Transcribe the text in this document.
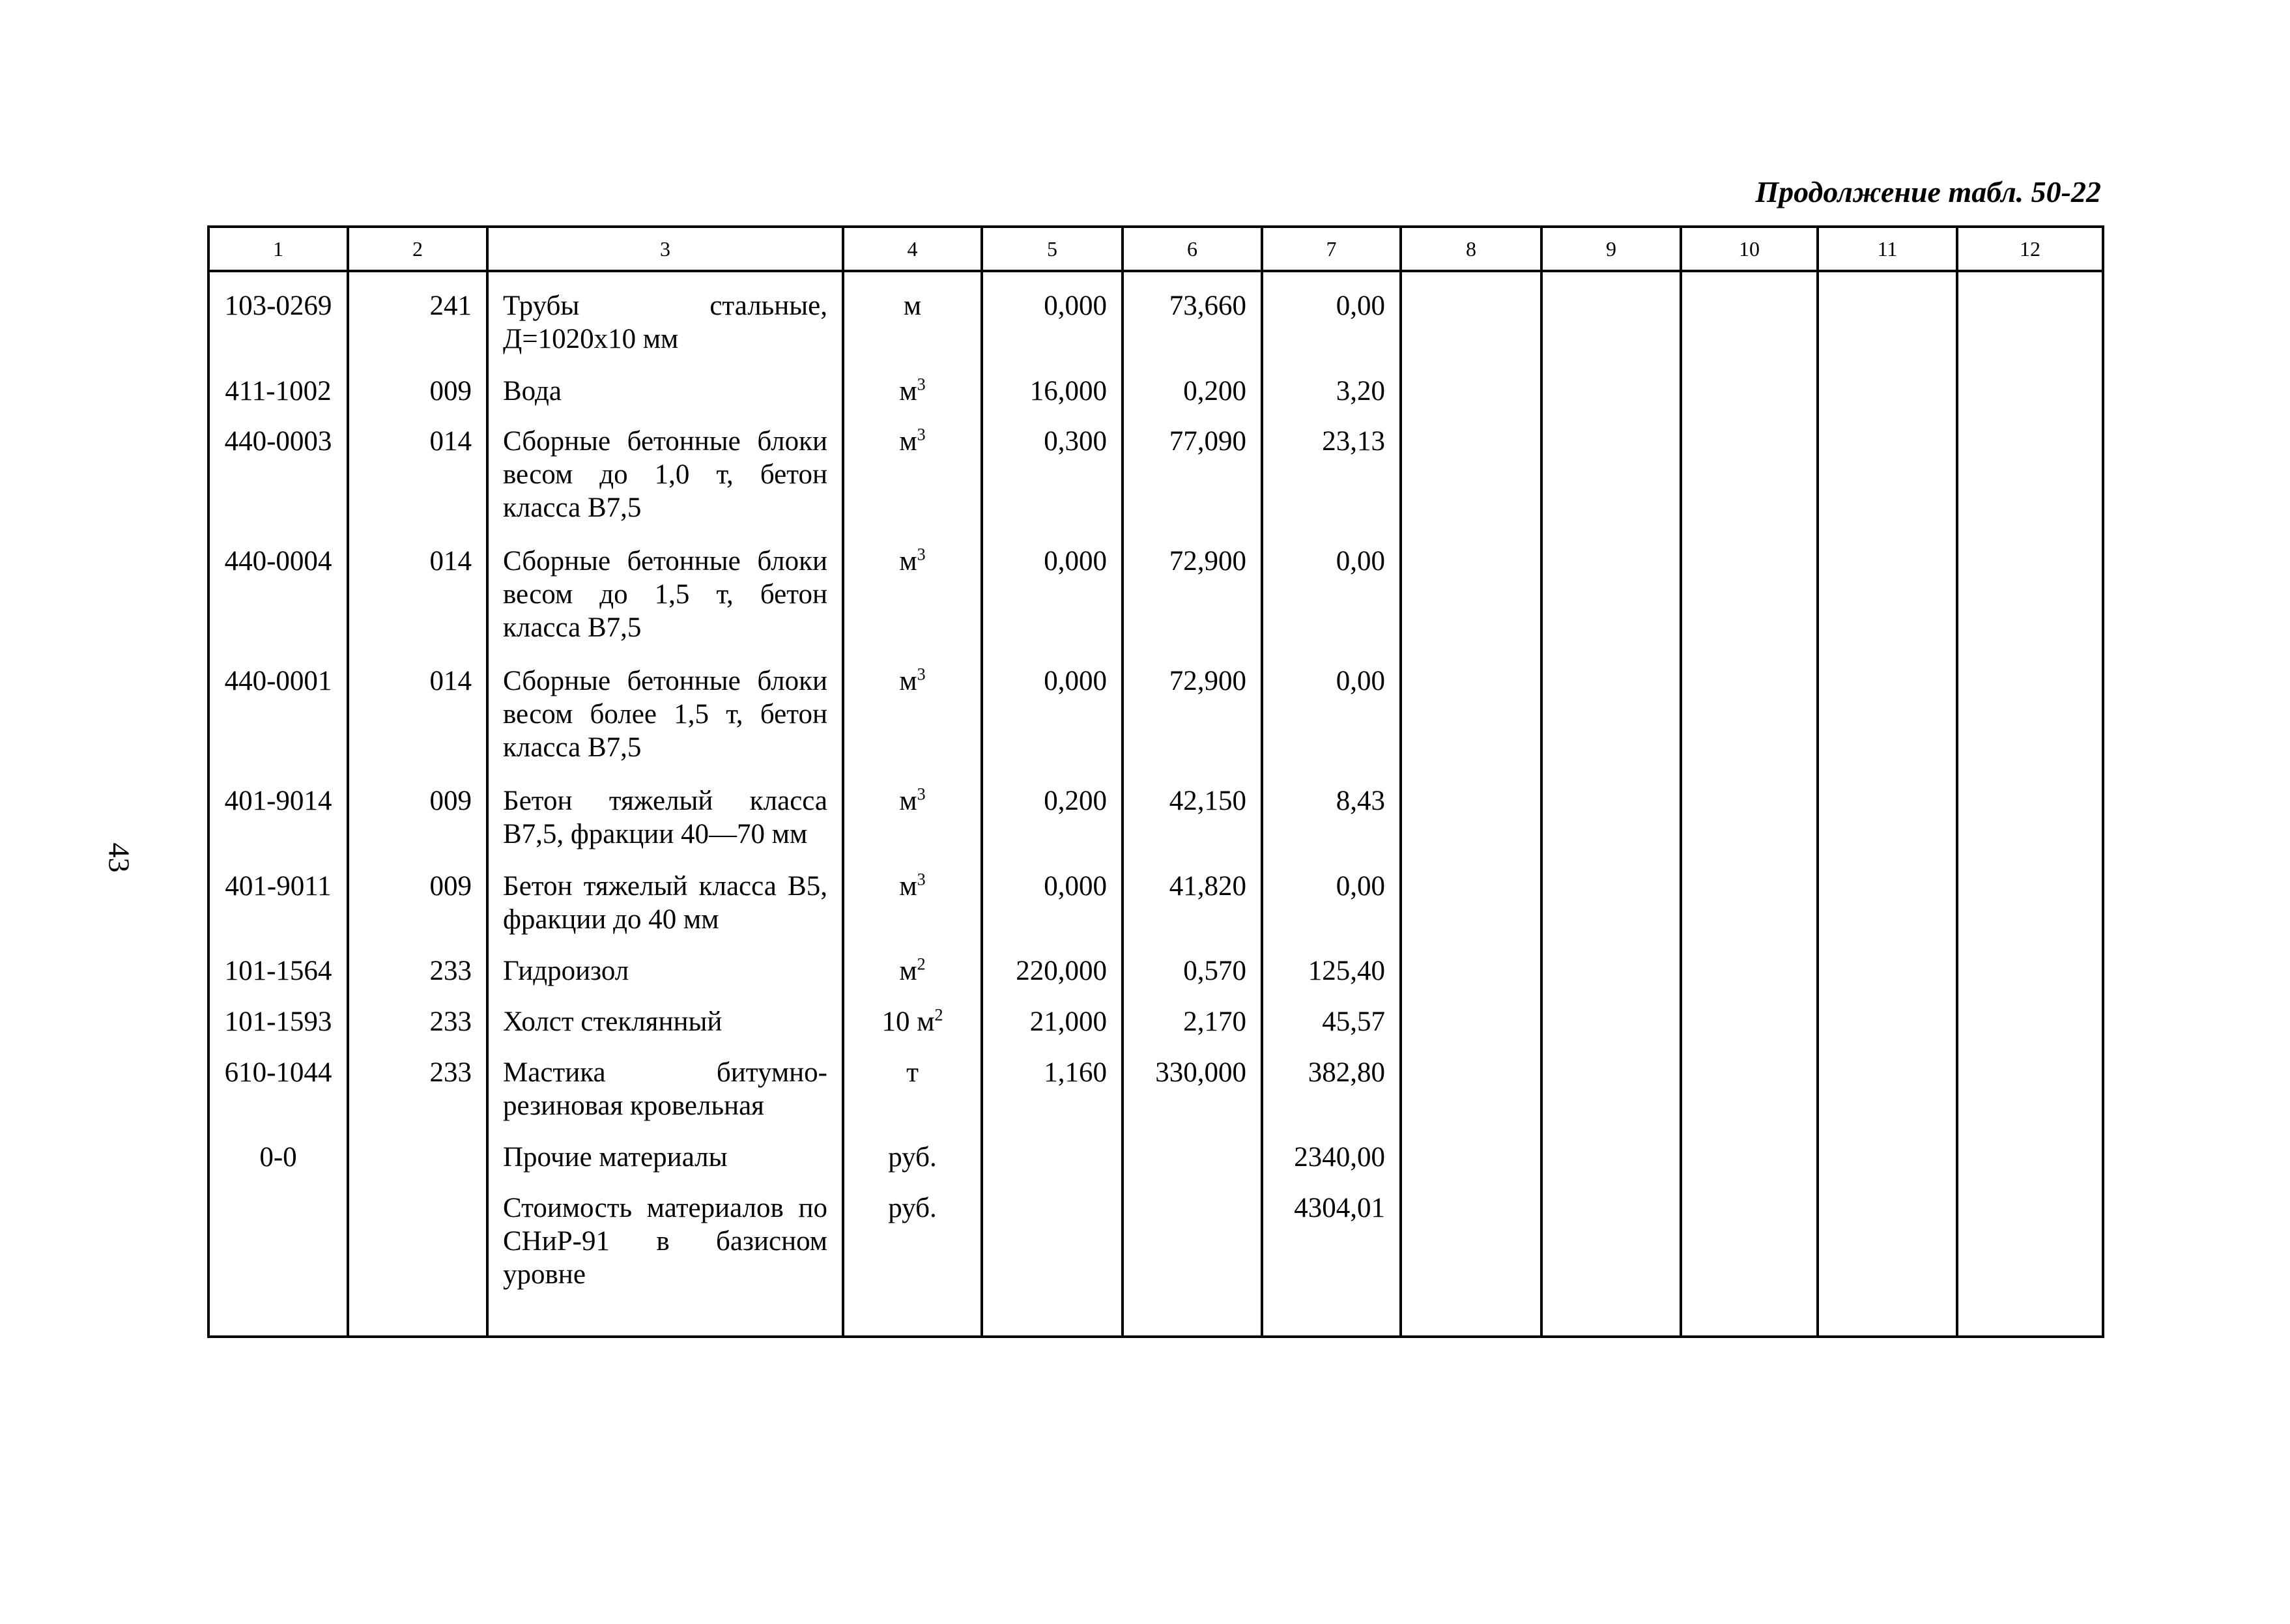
Продолжение табл. 50-22
43
1	2	3	4	5	6	7	8	9	10	11	12
103-0269	241	Трубы стальные, Д=1020x10 мм	м	0,000	73,660	0,00					
411-1002	009	Вода	$м^3$	16,000	0,200	3,20					
440-0003	014	Сборные бетонные блоки весом до 1,0 т, бетон класса В7,5	$м^3$	0,300	77,090	23,13					
440-0004	014	Сборные бетонные блоки весом до 1,5 т, бетон класса В7,5	$м^3$	0,000	72,900	0,00					
440-0001	014	Сборные бетонные блоки весом более 1,5 т, бетон класса В7,5	$м^3$	0,000	72,900	0,00					
401-9014	009	Бетон тяжелый класса В7,5, фракции 40—70 мм	$м^3$	0,200	42,150	8,43					
401-9011	009	Бетон тяжелый класса В5, фракции до 40 мм	$м^3$	0,000	41,820	0,00					
101-1564	233	Гидроизол	$м^2$	220,000	0,570	125,40					
101-1593	233	Холст стеклянный	10 $м^2$	21,000	2,170	45,57					
610-1044	233	Мастика битумно-резиновая кровельная	т	1,160	330,000	382,80					
0-0		Прочие материалы	руб.			2340,00					
		Стоимость материалов по СНиР-91 в базисном уровне	руб.			4304,01					
